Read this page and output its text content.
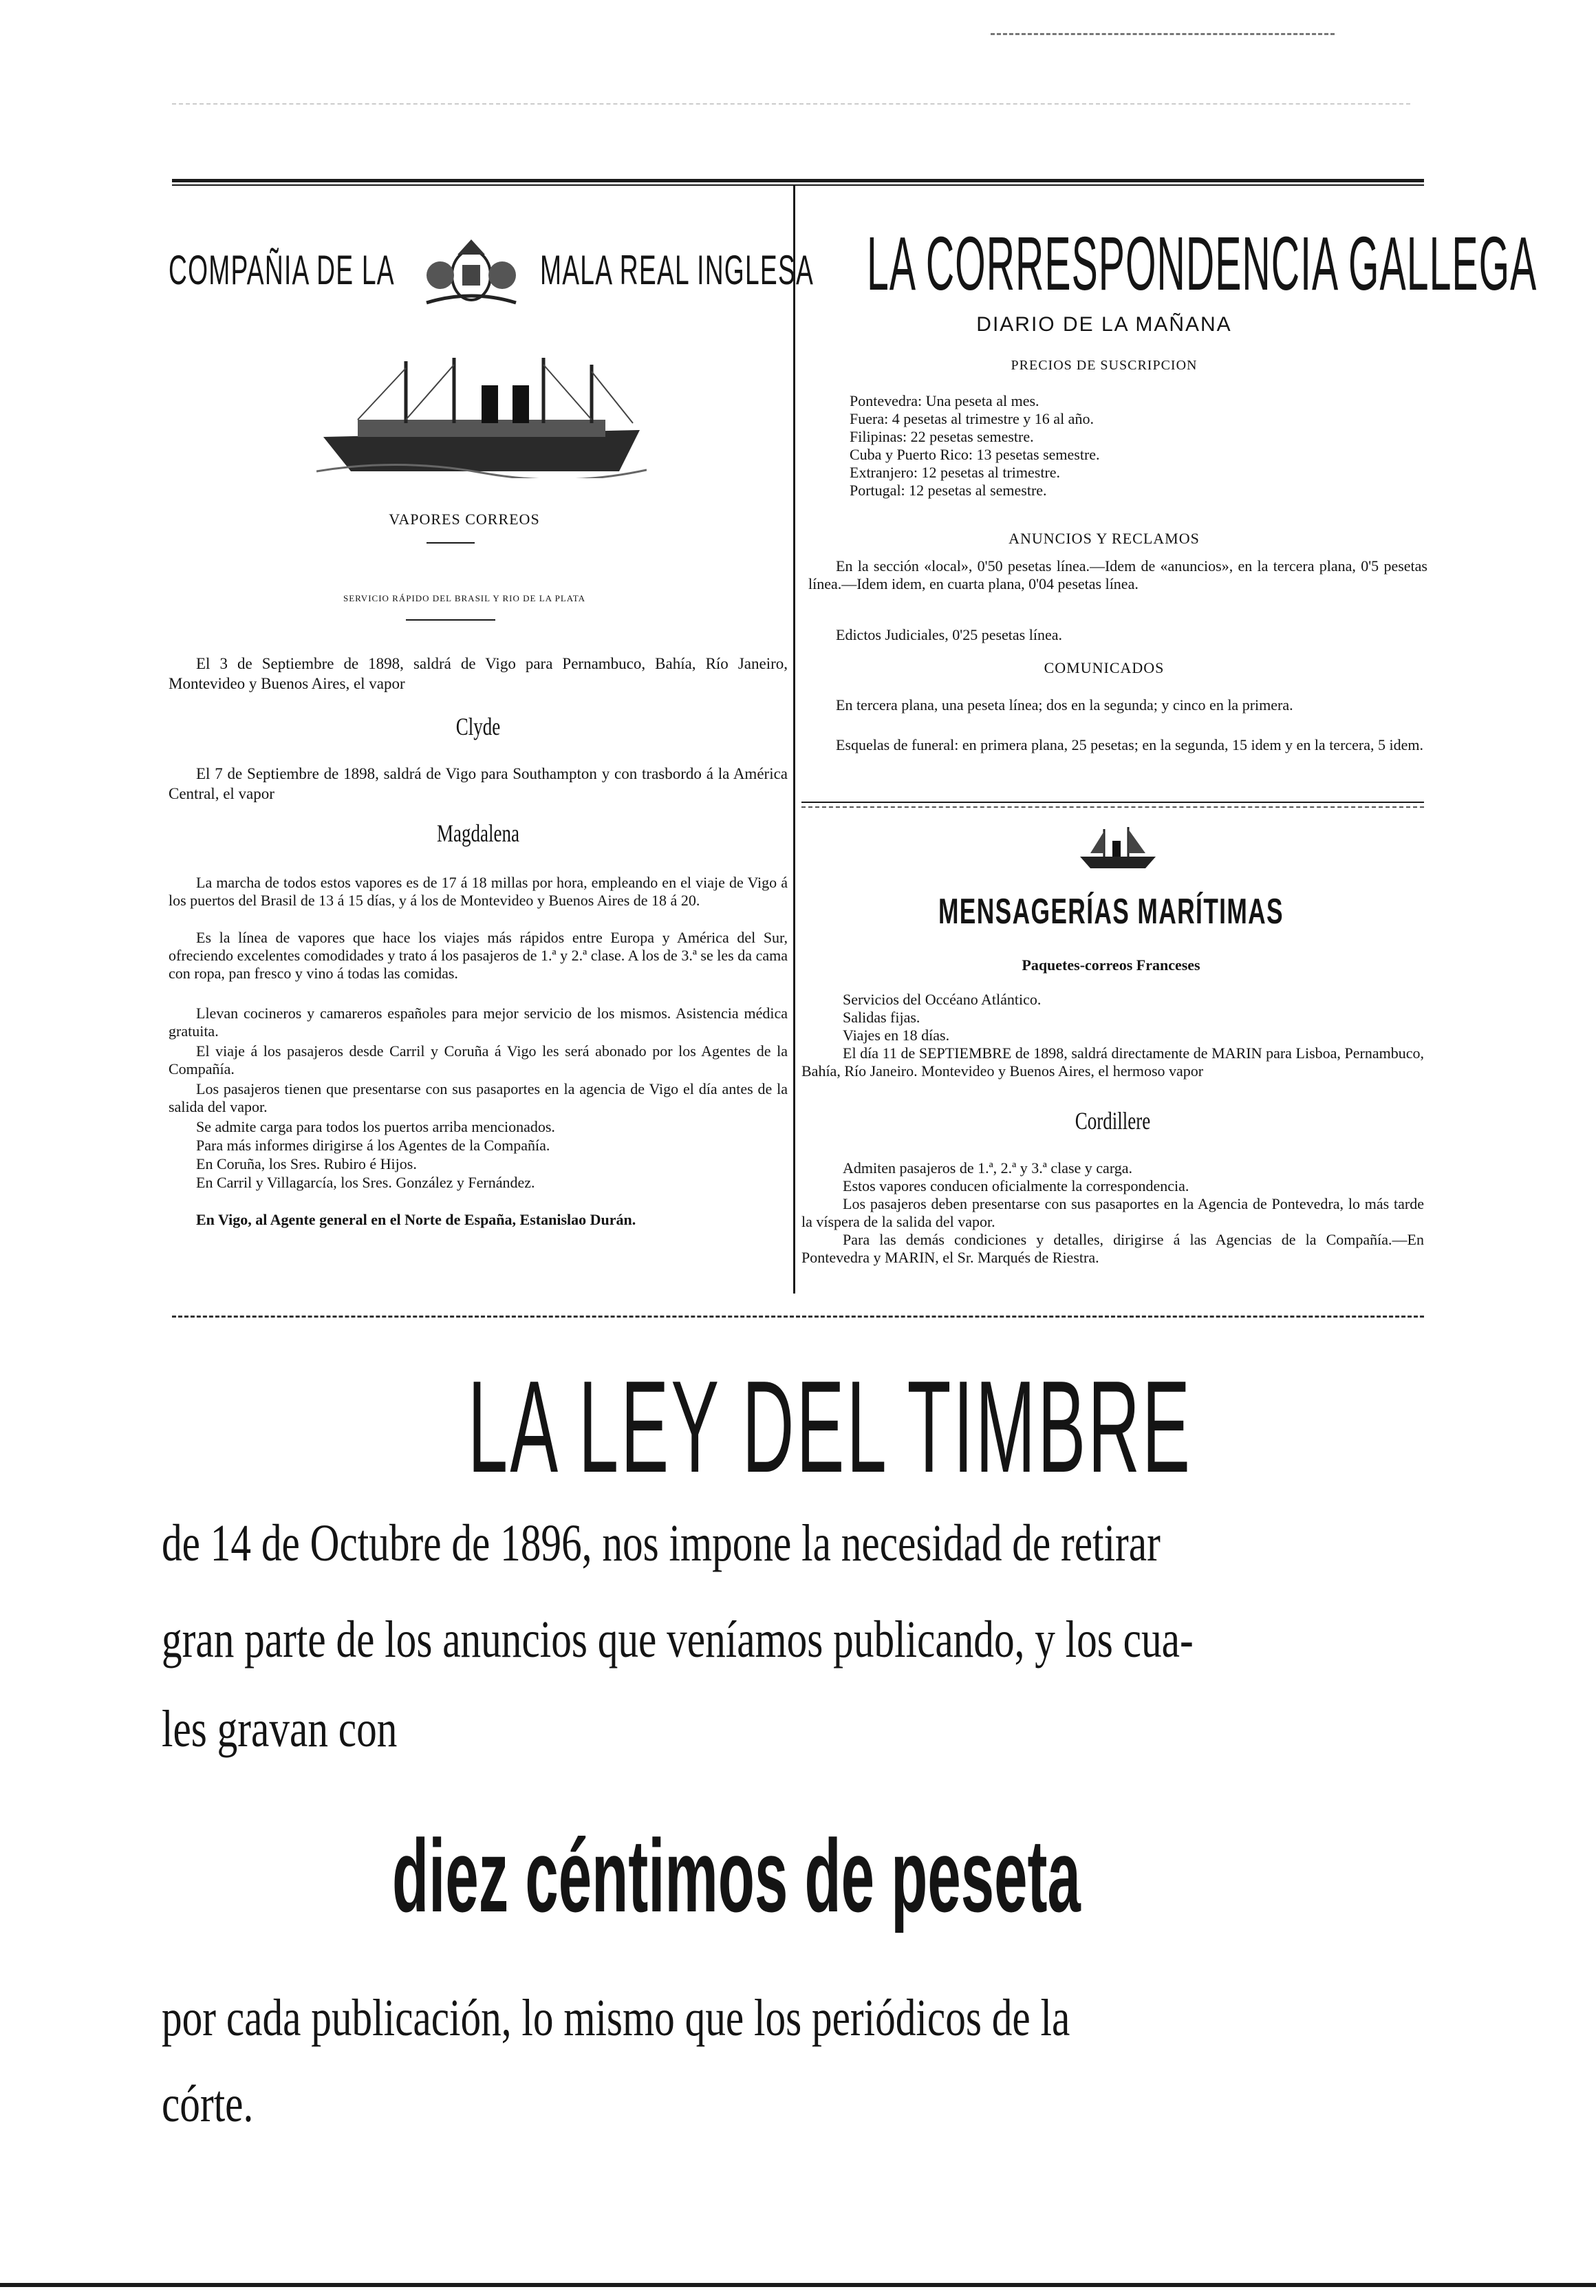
COMPAÑIA DE LA	MALA REAL INGLESA
VAPORES CORREOS
SERVICIO RÁPIDO DEL BRASIL Y RIO DE LA PLATA
El 3 de Septiembre de 1898, saldrá de Vigo para Pernambuco, Bahía, Río Janeiro, Montevideo y Buenos Aires, el vapor
Clyde
El 7 de Septiembre de 1898, saldrá de Vigo para Southampton y con trasbordo á la América Central, el vapor
Magdalena
La marcha de todos estos vapores es de 17 á 18 millas por hora, empleando en el viaje de Vigo á los puertos del Brasil de 13 á 15 días, y á los de Montevideo y Buenos Aires de 18 á 20.
Es la línea de vapores que hace los viajes más rápidos entre Europa y América del Sur, ofreciendo excelentes comodidades y trato á los pasajeros de 1.ª y 2.ª clase. A los de 3.ª se les da cama con ropa, pan fresco y vino á todas las comidas.
Llevan cocineros y camareros españoles para mejor servicio de los mismos. Asistencia médica gratuita.
El viaje á los pasajeros desde Carril y Coruña á Vigo les será abonado por los Agentes de la Compañía.
Los pasajeros tienen que presentarse con sus pasaportes en la agencia de Vigo el día antes de la salida del vapor.
Se admite carga para todos los puertos arriba mencionados.
Para más informes dirigirse á los Agentes de la Compañía.
En Coruña, los Sres. Rubiro é Hijos.
En Carril y Villagarcía, los Sres. González y Fernández.
En Vigo, al Agente general en el Norte de España, Estanislao Durán.
LA CORRESPONDENCIA GALLEGA
DIARIO DE LA MAÑANA
PRECIOS DE SUSCRIPCION
Pontevedra: Una peseta al mes.
Fuera: 4 pesetas al trimestre y 16 al año.
Filipinas: 22 pesetas semestre.
Cuba y Puerto Rico: 13 pesetas semestre.
Extranjero: 12 pesetas al trimestre.
Portugal: 12 pesetas al semestre.
ANUNCIOS Y RECLAMOS
En la sección «local», 0'50 pesetas línea.—Idem de «anuncios», en la tercera plana, 0'5 pesetas línea.—Idem idem, en cuarta plana, 0'04 pesetas línea.
Edictos Judiciales, 0'25 pesetas línea.
COMUNICADOS
En tercera plana, una peseta línea; dos en la segunda; y cinco en la primera.
Esquelas de funeral: en primera plana, 25 pesetas; en la segunda, 15 idem y en la tercera, 5 idem.
MENSAGERÍAS MARÍTIMAS
Paquetes-correos Franceses
Servicios del Occéano Atlántico.
Salidas fijas.
Viajes en 18 días.
El día 11 de SEPTIEMBRE de 1898, saldrá directamente de MARIN para Lisboa, Pernambuco, Bahía, Río Janeiro. Montevideo y Buenos Aires, el hermoso vapor
Cordillere
Admiten pasajeros de 1.ª, 2.ª y 3.ª clase y carga.
Estos vapores conducen oficialmente la correspondencia.
Los pasajeros deben presentarse con sus pasaportes en la Agencia de Pontevedra, lo más tarde la víspera de la salida del vapor.
Para las demás condiciones y detalles, dirigirse á las Agencias de la Compañía.—En Pontevedra y MARIN, el Sr. Marqués de Riestra.
LA LEY DEL TIMBRE
de 14 de Octubre de 1896, nos impone la necesidad de retirar
gran parte de los anuncios que veníamos publicando, y los cua-
les gravan con
diez céntimos de peseta
por cada publicación, lo mismo que los periódicos de la
córte.
